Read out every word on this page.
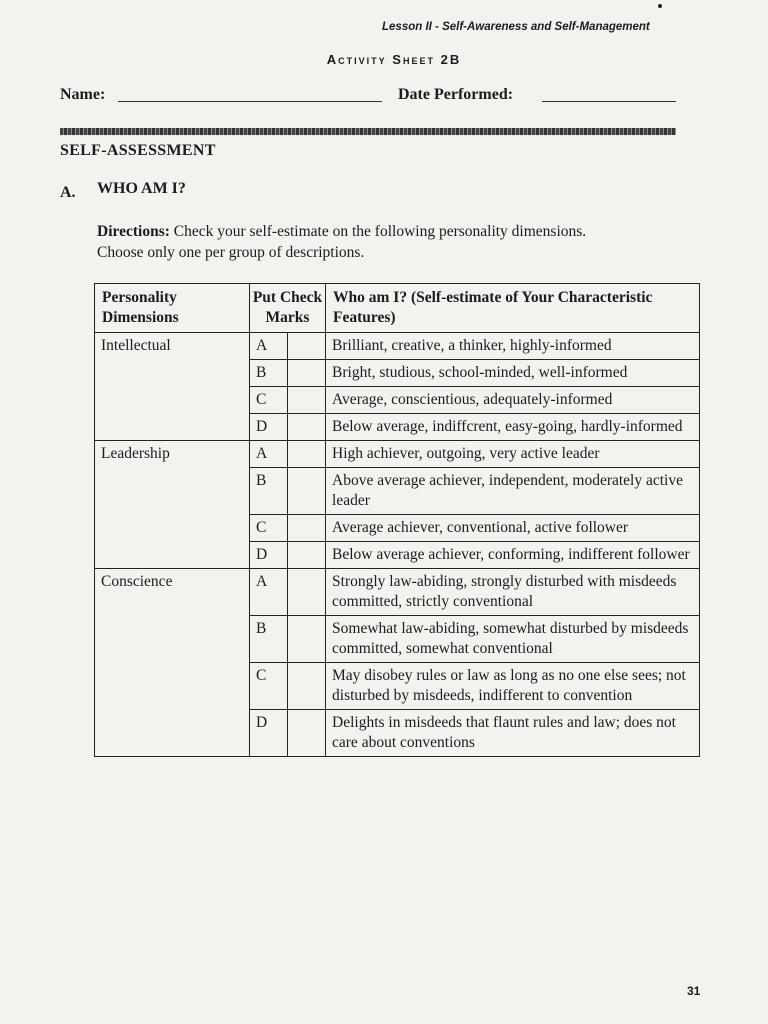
Lesson II - Self-Awareness and Self-Management
Activity Sheet 2B
Name:	Date Performed:
SELF-ASSESSMENT
A. WHO AM I?
Directions: Check your self-estimate on the following personality dimensions.
Choose only one per group of descriptions.
Personality Dimensions	Put Check Marks		Who am I? (Self-estimate of Your Characteristic Features)
Intellectual	A		Brilliant, creative, a thinker, highly-informed
	B		Bright, studious, school-minded, well-informed
	C		Average, conscientious, adequately-informed
	D		Below average, indiffcrent, easy-going, hardly-informed
Leadership	A		High achiever, outgoing, very active leader
	B		Above average achiever, independent, moderately active leader
	C		Average achiever, conventional, active follower
	D		Below average achiever, conforming, indifferent follower
Conscience	A		Strongly law-abiding, strongly disturbed with misdeeds committed, strictly conventional
	B		Somewhat law-abiding, somewhat disturbed by misdeeds committed, somewhat conventional
	C		May disobey rules or law as long as no one else sees; not disturbed by misdeeds, indifferent to convention
	D		Delights in misdeeds that flaunt rules and law; does not care about conventions
31
